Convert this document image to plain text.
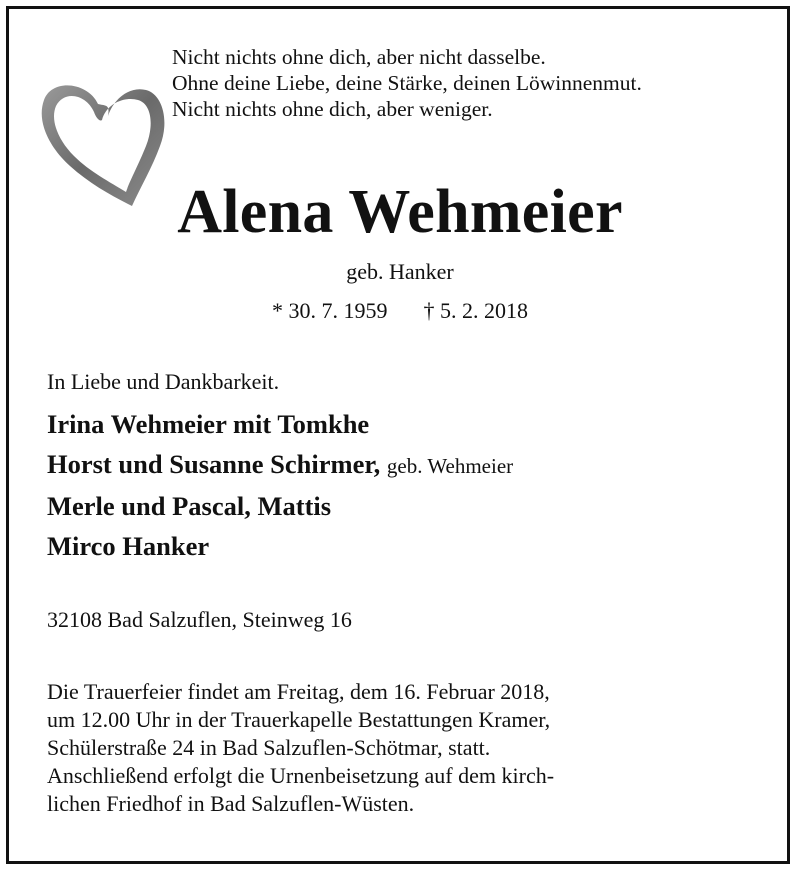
Nicht nichts ohne dich, aber nicht dasselbe.
Ohne deine Liebe, deine Stärke, deinen Löwinnenmut.
Nicht nichts ohne dich, aber weniger.
Alena Wehmeier
geb. Hanker
* 30. 7. 1959 † 5. 2. 2018
In Liebe und Dankbarkeit.
Irina Wehmeier mit Tomkhe
Horst und Susanne Schirmer, geb. Wehmeier
Merle und Pascal, Mattis
Mirco Hanker
32108 Bad Salzuflen, Steinweg 16
Die Trauerfeier findet am Freitag, dem 16. Februar 2018,
um 12.00 Uhr in der Trauerkapelle Bestattungen Kramer,
Schülerstraße 24 in Bad Salzuflen-Schötmar, statt.
Anschließend erfolgt die Urnenbeisetzung auf dem kirch-
lichen Friedhof in Bad Salzuflen-Wüsten.
